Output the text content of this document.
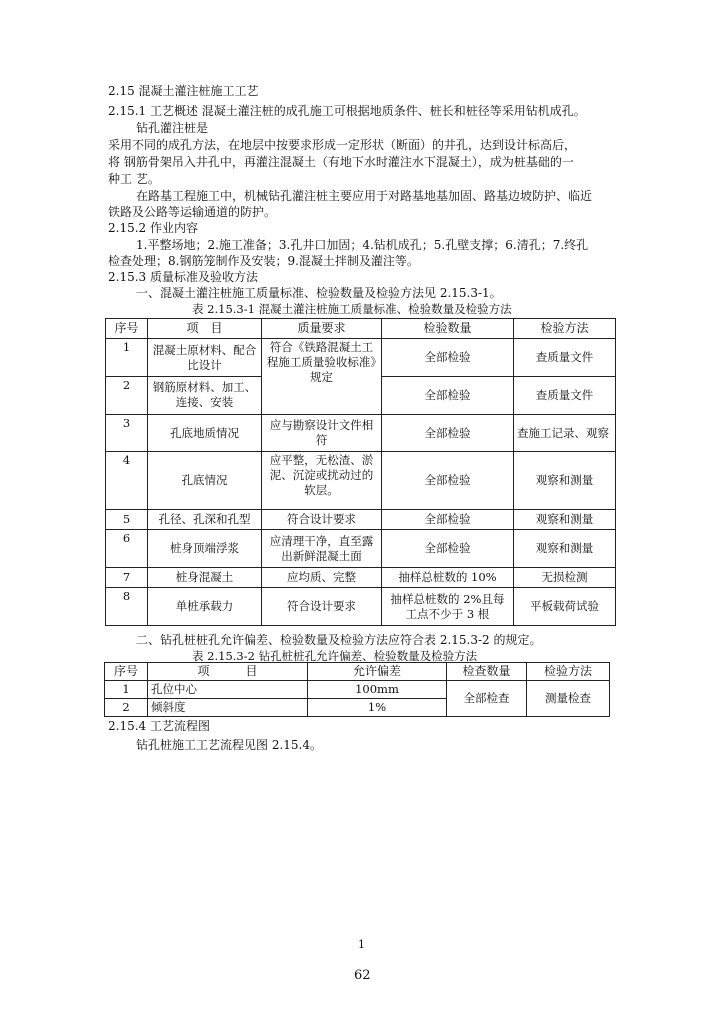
2.15 混凝土灌注桩施工工艺
2.15.1 工艺概述 混凝土灌注桩的成孔施工可根据地质条件、桩长和桩径等采用钻机成孔。
钻孔灌注桩是
采用不同的成孔方法，在地层中按要求形成一定形状（断面）的井孔，达到设计标高后，
将 钢筋骨架吊入井孔中，再灌注混凝土（有地下水时灌注水下混凝土），成为桩基础的一
种工 艺。
在路基工程施工中，机械钻孔灌注桩主要应用于对路基地基加固、路基边坡防护、临近
铁路及公路等运输通道的防护。
2.15.2 作业内容
1.平整场地；2.施工准备；3.孔井口加固；4.钻机成孔；5.孔壁支撑；6.清孔；7.终孔
检查处理；8.钢筋笼制作及安装；9.混凝土拌制及灌注等。
2.15.3 质量标准及验收方法
一、混凝土灌注桩施工质量标准、检验数量及检验方法见 2.15.3-1。
表 2.15.3-1 混凝土灌注桩施工质量标准、检验数量及检验方法
序号	项　目	质量要求	检验数量	检验方法
1	混凝土原材料、配合比设计	符合《铁路混凝土工程施工质量验收标准》规定	全部检验	查质量文件
2	钢筋原材料、加工、
连接、安装		全部检验	查质量文件
3	孔底地质情况	应与勘察设计文件相符	全部检验	查施工记录、观察
4	孔底情况	应平整，无松渣、淤泥、沉淀或扰动过的软层。	全部检验	观察和测量
5	孔径、孔深和孔型	符合设计要求	全部检验	观察和测量
6	桩身顶端浮浆	应清理干净，直至露出新鲜混凝土面	全部检验	观察和测量
7	桩身混凝土	应均质、完整	抽样总桩数的 10%	无损检测
8	单桩承载力	符合设计要求	抽样总桩数的 2%且每工点不少于 3 根	平板载荷试验
二、钻孔桩桩孔允许偏差、检验数量及检验方法应符合表 2.15.3-2 的规定。
表 2.15.3-2 钻孔桩桩孔允许偏差、检验数量及检验方法
序号	项　　　目	允许偏差	检查数量	检验方法
1	孔位中心	100mm	全部检查	测量检查
2	倾斜度	1%		
2.15.4 工艺流程图
钻孔桩施工工艺流程见图 2.15.4。
1
62
